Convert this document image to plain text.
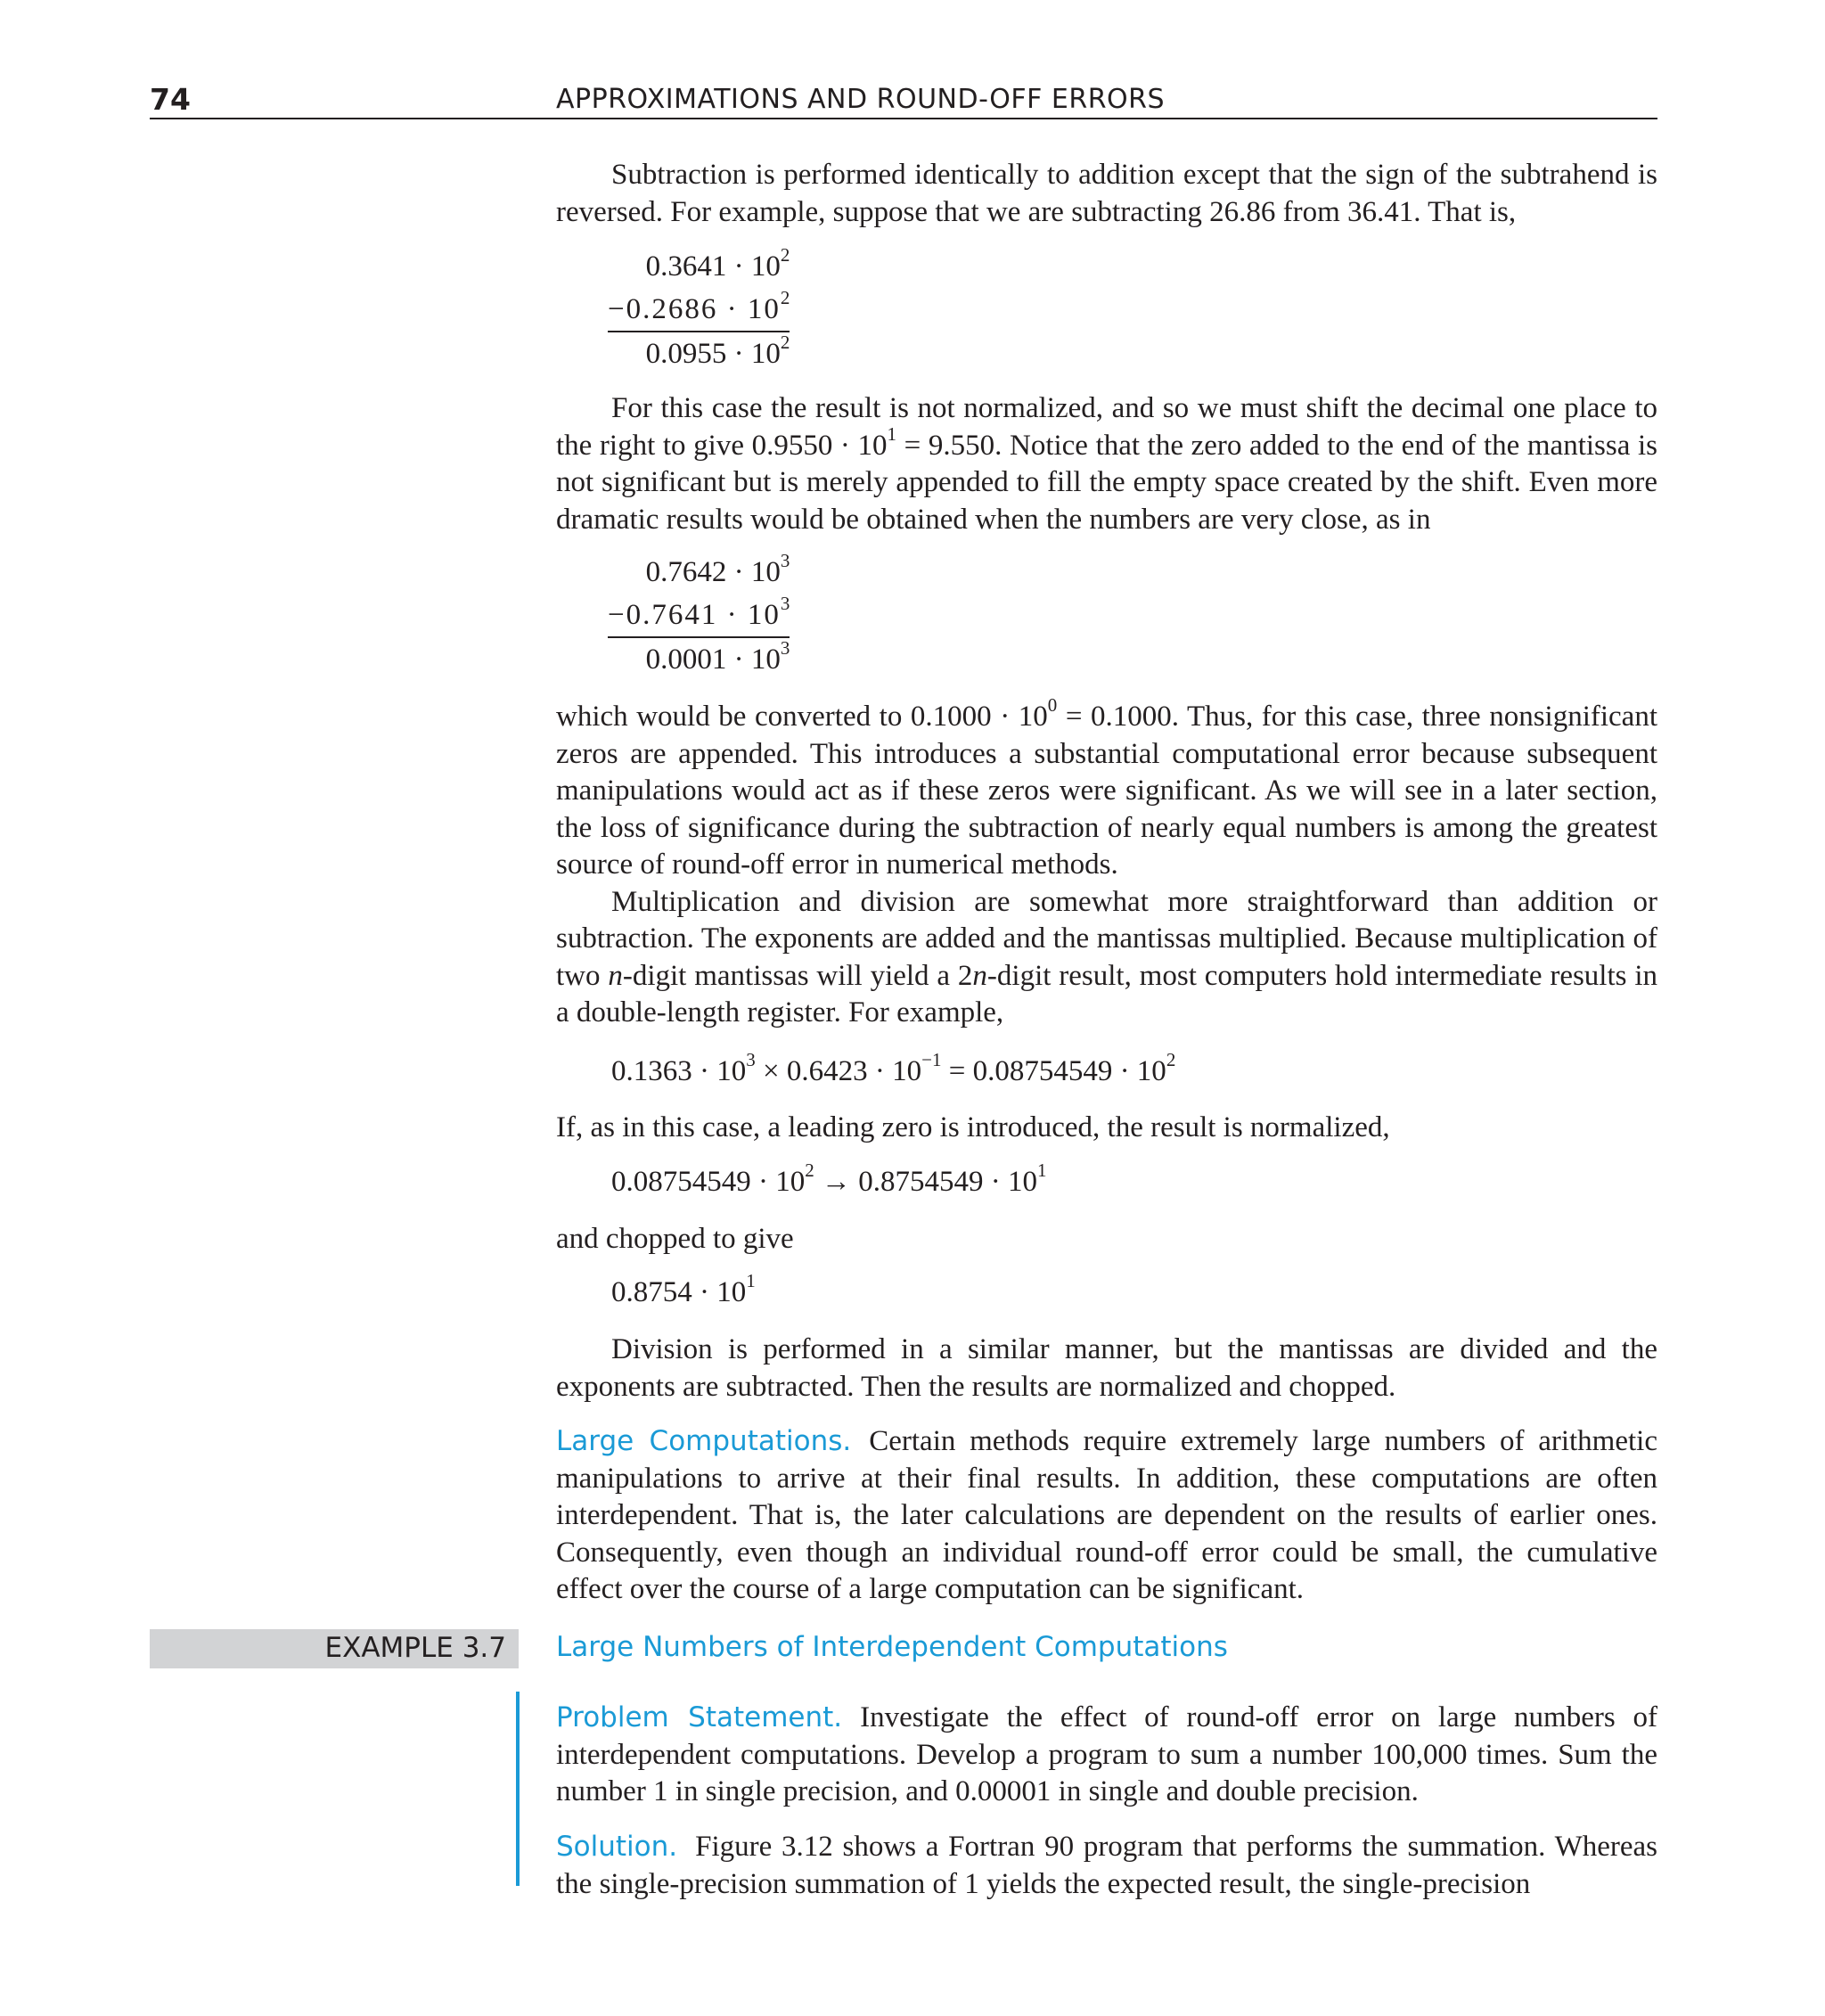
74	APPROXIMATIONS AND ROUND-OFF ERRORS

Subtraction is performed identically to addition except that the sign of the subtrahend is reversed. For example, suppose that we are subtracting 26.86 from 36.41. That is,

$0.3641 \cdot 10^2$
$-0.2686 \cdot 10^2$
$0.0955 \cdot 10^2$

For this case the result is not normalized, and so we must shift the decimal one place to the right to give $0.9550 \cdot 10^1 = 9.550$. Notice that the zero added to the end of the mantissa is not significant but is merely appended to fill the empty space created by the shift. Even more dramatic results would be obtained when the numbers are very close, as in

$0.7642 \cdot 10^3$
$-0.7641 \cdot 10^3$
$0.0001 \cdot 10^3$

which would be converted to $0.1000 \cdot 10^0 = 0.1000$. Thus, for this case, three nonsignificant zeros are appended. This introduces a substantial computational error because subsequent manipulations would act as if these zeros were significant. As we will see in a later section, the loss of significance during the subtraction of nearly equal numbers is among the greatest source of round-off error in numerical methods.

Multiplication and division are somewhat more straightforward than addition or subtraction. The exponents are added and the mantissas multiplied. Because multiplication of two n-digit mantissas will yield a 2n-digit result, most computers hold intermediate results in a double-length register. For example,

$0.1363 \cdot 10^3 \times 0.6423 \cdot 10^{-1} = 0.08754549 \cdot 10^2$

If, as in this case, a leading zero is introduced, the result is normalized,

$0.08754549 \cdot 10^2 \to 0.8754549 \cdot 10^1$

and chopped to give

$0.8754 \cdot 10^1$

Division is performed in a similar manner, but the mantissas are divided and the exponents are subtracted. Then the results are normalized and chopped.

Large Computations. Certain methods require extremely large numbers of arithmetic manipulations to arrive at their final results. In addition, these computations are often interdependent. That is, the later calculations are dependent on the results of earlier ones. Consequently, even though an individual round-off error could be small, the cumulative effect over the course of a large computation can be significant.

EXAMPLE 3.7 Large Numbers of Interdependent Computations

Problem Statement. Investigate the effect of round-off error on large numbers of interdependent computations. Develop a program to sum a number 100,000 times. Sum the number 1 in single precision, and 0.00001 in single and double precision.

Solution. Figure 3.12 shows a Fortran 90 program that performs the summation. Whereas the single-precision summation of 1 yields the expected result, the single-precision
